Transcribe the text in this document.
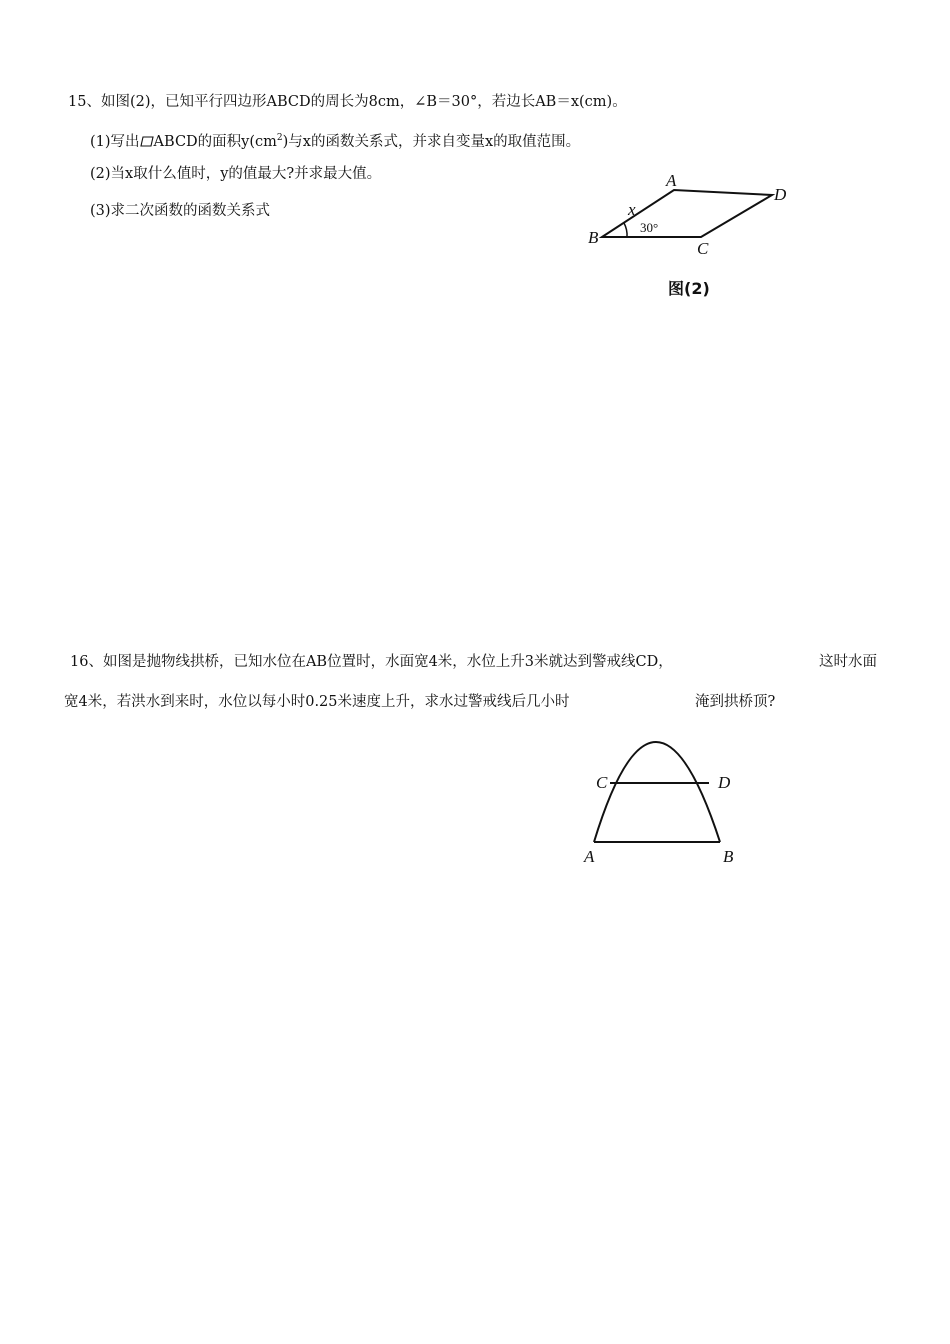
15、如图(2)，已知平行四边形ABCD的周长为8cm，∠B＝30°，若边长AB＝x(cm)。
(1)写出 ABCD的面积$y(cm^2)$与x的函数关系式，并求自变量x的取值范围。
(2)当x取什么值时，y的值最大?并求最大值。
(3)求二次函数的函数关系式
A
B
C
D
x
30°
图(2)
16、如图是抛物线拱桥，已知水位在AB位置时，水面宽4米，水位上升3米就达到警戒线CD，	这时水面
宽4米，若洪水到来时，水位以每小时0.25米速度上升，求水过警戒线后几小时	淹到拱桥顶?
C	D
A	B
